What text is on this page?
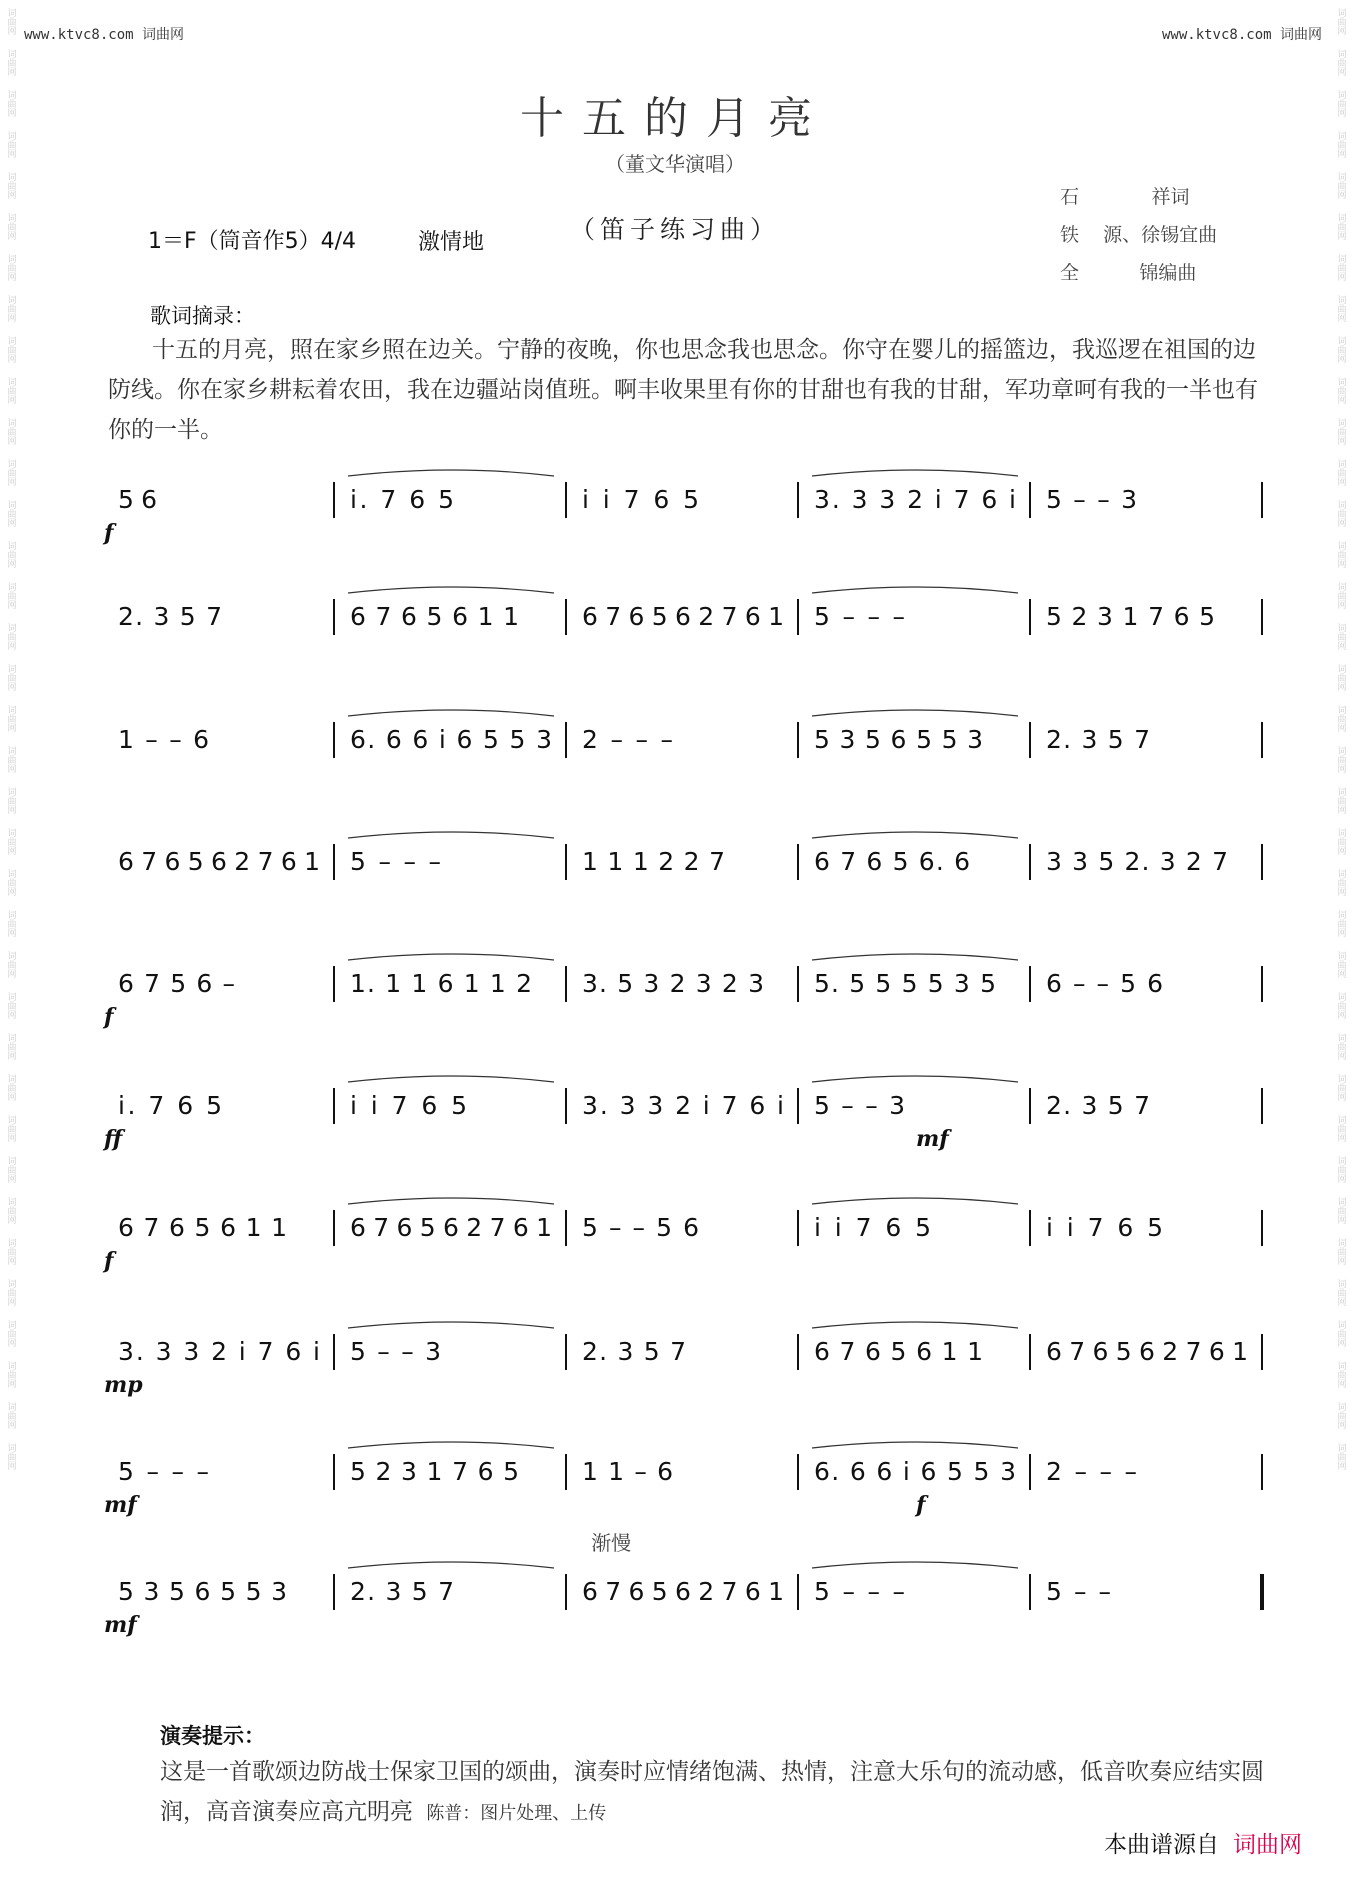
www.ktvc8.com 词曲网	www.ktvc8.com 词曲网
词曲网
词曲网
词曲网
词曲网
词曲网
词曲网
词曲网
词曲网
词曲网
词曲网
词曲网
词曲网
词曲网
词曲网
词曲网
词曲网
词曲网
词曲网
词曲网
词曲网
词曲网
词曲网
词曲网
词曲网
词曲网
词曲网
词曲网
词曲网
词曲网
词曲网
词曲网
词曲网
词曲网
词曲网
词曲网
词曲网
词曲网
词曲网
词曲网
词曲网
词曲网
词曲网
词曲网
词曲网
词曲网
词曲网
词曲网
词曲网
词曲网
词曲网
词曲网
词曲网
词曲网
词曲网
词曲网
词曲网
词曲网
词曲网
词曲网
词曲网
词曲网
词曲网
词曲网
词曲网
词曲网
词曲网
词曲网
词曲网
词曲网
词曲网
词曲网
词曲网
十五的月亮
（董文华演唱）
（笛子练习曲）
1＝F（筒音作5）4/4	激情地
石            祥词
铁    源、徐锡宜曲
全          锦编曲
歌词摘录：
十五的月亮，照在家乡照在边关。宁静的夜晚，你也思念我也思念。你守在婴儿的摇篮边，我巡逻在祖国的边防线。你在家乡耕耘着农田，我在边疆站岗值班。啊丰收果里有你的甘甜也有我的甘甜，军功章呵有我的一半也有你的一半。
5 6	i. 7 6 5	i i 7 6 5	3. 3 3 2 i 7 6 i 5 – – 3
f
2. 3 5 7	6 7 6 5 6 1 1	6 7 6 5 6 2 7 6 1 5 – – –	5 2 3 1 7 6 5
1 – – 6	6. 6 6 i 6 5 5 3 2 – – –	5 3 5 6 5 5 3	2. 3 5 7
6 7 6 5 6 2 7 6 1 5 – – –	1 1 1 2 2 7	6 7 6 5 6. 6	3 3 5 2. 3 2 7
6 7 5 6 –	1. 1 1 6 1 1 2 3. 5 3 2 3 2 3 5. 5 5 5 5 3 5 6 – – 5 6
f
i. 7 6 5	i i 7 6 5	3. 3 3 2 i 7 6 i 5 – – 3	2. 3 5 7
ff	mf
6 7 6 5 6 1 1	6 7 6 5 6 2 7 6 1 5 – – 5 6	i i 7 6 5	i i 7 6 5
f
3. 3 3 2 i 7 6 i 5 – – 3	2. 3 5 7	6 7 6 5 6 1 1	6 7 6 5 6 2 7 6 1
mp
5 – – –	5 2 3 1 7 6 5	1 1 – 6	6. 6 6 i 6 5 5 3 2 – – –
mf	f
5 3 5 6 5 5 3	2. 3 5 7	6 7 6 5 6 2 7 6 1 5 – – –	5 – –
mf
渐慢
演奏提示：
这是一首歌颂边防战士保家卫国的颂曲，演奏时应情绪饱满、热情，注意大乐句的流动感，低音吹奏应结实圆润，高音演奏应高亢明亮 陈普：图片处理、上传
本曲谱源自 词曲网
